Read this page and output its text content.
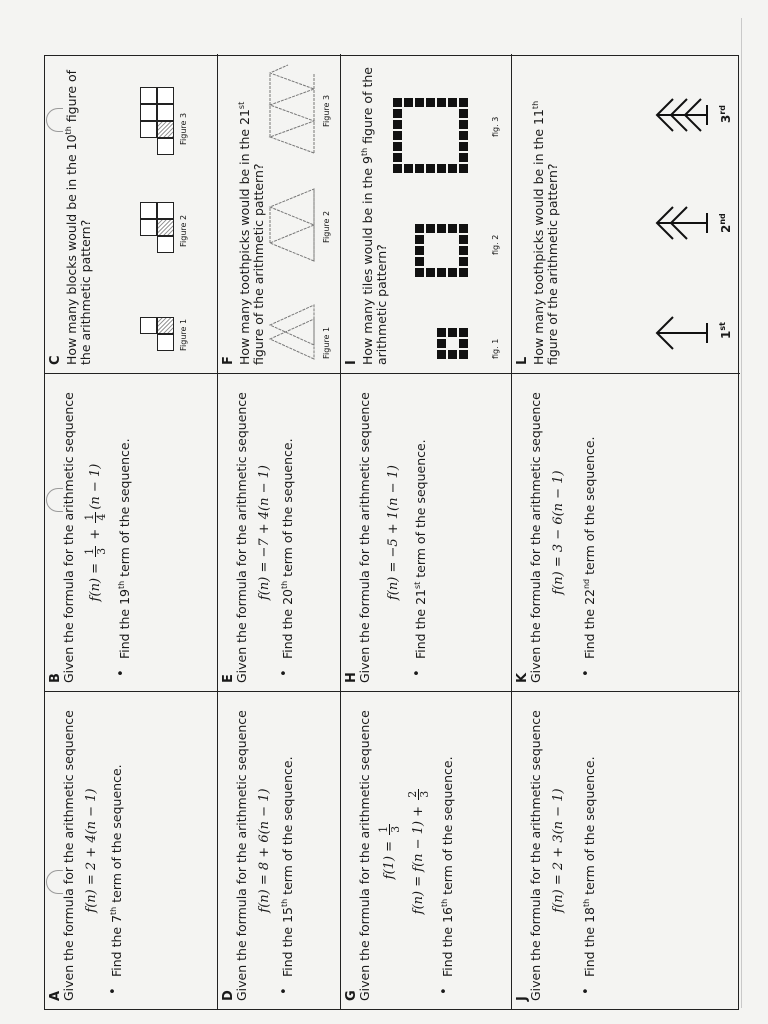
A
Given the formula for the arithmetic sequence f(n) = 2 + 4(n − 1)
•
Find the 7th term of the sequence.
B
Given the formula for the arithmetic sequence f(n) =
1 3
+
1 4
(n − 1)
•
Find the 19th term of the sequence.
C How many blocks would be in the 10th figure of the arithmetic pattern?	Figure 1
Figure 2
Figure 3
D
Given the formula for the arithmetic sequence f(n) = 8 + 6(n − 1)
•
Find the 15th term of the sequence.
E
Given the formula for the arithmetic sequence f(n) = −7 + 4(n − 1)
•
Find the 20th term of the sequence.
F How many toothpicks would be in the 21st figure of the arithmetic pattern?	Figure 1
Figure 2
Figure 3
G
Given the formula for the arithmetic sequence f(1) =
1 3 f(n) = f(n − 1) +
2 3
•
Find the 16th term of the sequence.
H
Given the formula for the arithmetic sequence f(n) = −5 + 1(n − 1)
•
Find the 21st term of the sequence.
I How many tiles would be in the 9th figure of the arithmetic pattern?	fig. 1
fig. 2
fig. 3
J
Given the formula for the arithmetic sequence f(n) = 2 + 3(n − 1)
•
Find the 18th term of the sequence.
K
Given the formula for the arithmetic sequence f(n) = 3 − 6(n − 1)
•
Find the 22nd term of the sequence.
L How many toothpicks would be in the 11th figure of the arithmetic pattern?	1st
2nd
3rd
